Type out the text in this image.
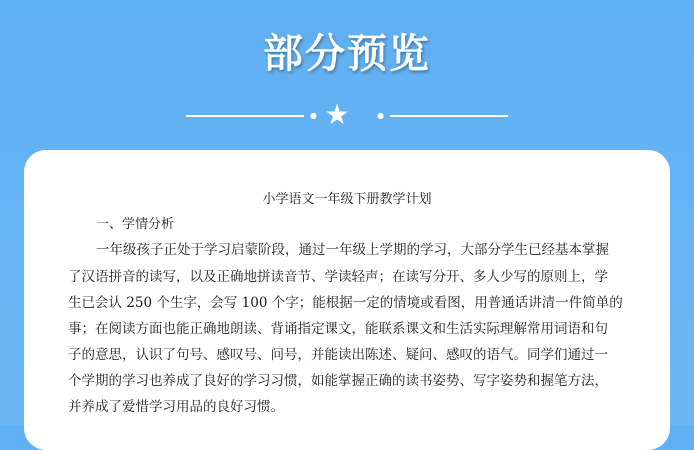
部分预览
● ★	●
小学语文一年级下册教学计划
一、学情分析
一年级孩子正处于学习启蒙阶段，通过一年级上学期的学习，大部分学生已经基本掌握
了汉语拼音的读写，以及正确地拼读音节、学读轻声；在读写分开、多人少写的原则上，学
生已会认 250 个生字，会写 100 个字；能根据一定的情境或看图，用普通话讲清一件简单的
事；在阅读方面也能正确地朗读、背诵指定课文，能联系课文和生活实际理解常用词语和句
子的意思，认识了句号、感叹号、问号，并能读出陈述、疑问、感叹的语气。同学们通过一
个学期的学习也养成了良好的学习习惯，如能掌握正确的读书姿势、写字姿势和握笔方法，
并养成了爱惜学习用品的良好习惯。
